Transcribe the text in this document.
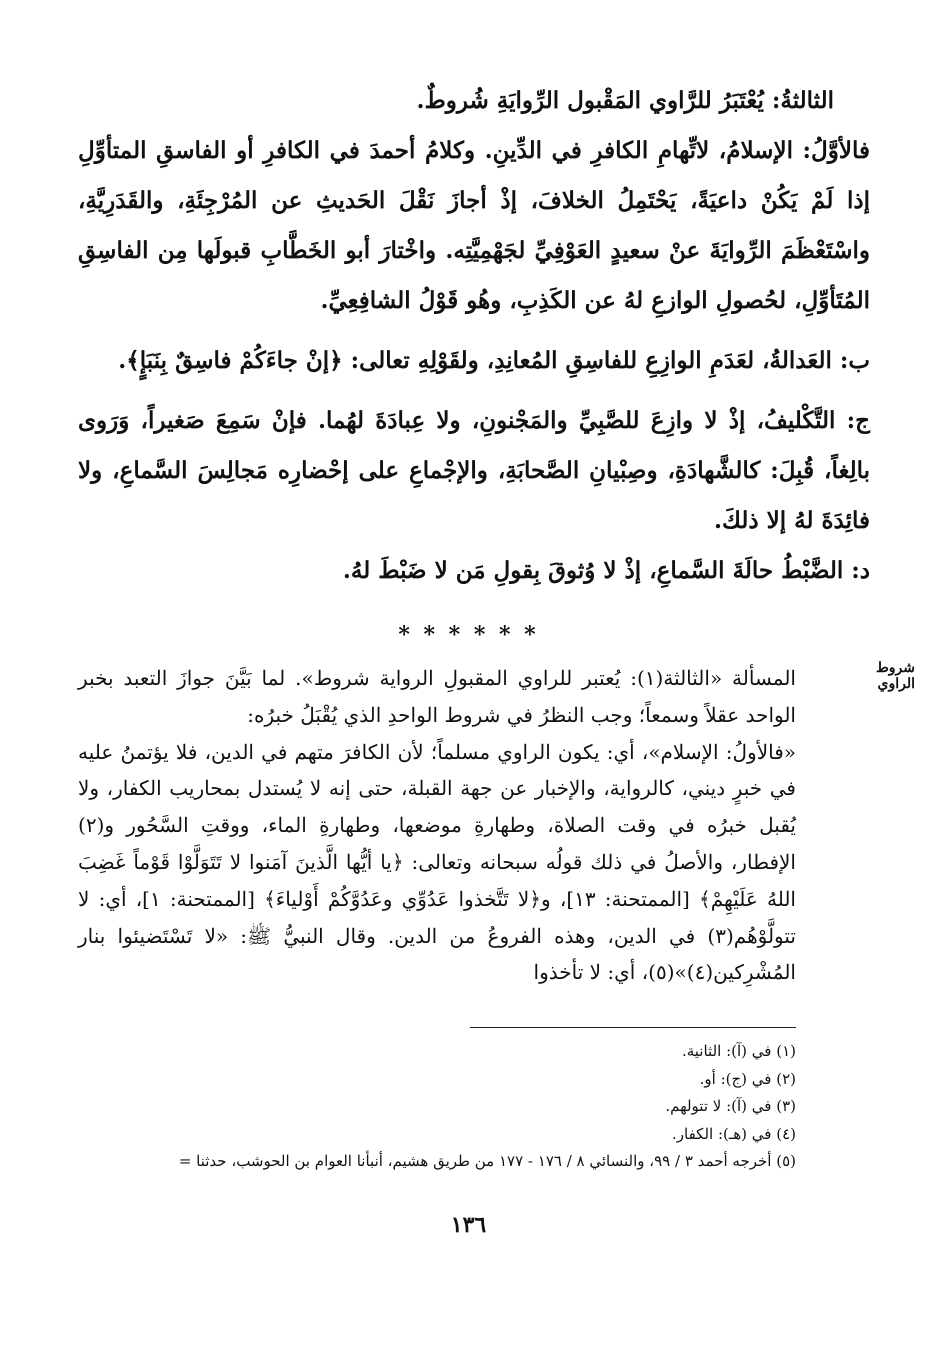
الثالثةُ: يُعْتَبَرُ للرَّاوي المَقْبول الرِّوايَةِ شُروطٌ.

فالأوَّلُ: الإسلامُ، لاتِّهامِ الكافرِ في الدِّينِ. وكلامُ أحمدَ في الكافرِ أو الفاسقِ المتأوِّلِ إذا لَمْ يَكُنْ داعيَةً، يَحْتَمِلُ الخلافَ، إذْ أجازَ نَقْلَ الحَديثِ عن المُرْجِئَةِ، والقَدَرِيَّةِ، واسْتَعْظَمَ الرِّوايَةَ عنْ سعيدٍ العَوْفِيِّ لجَهْمِيَّتِه. واخْتارَ أبو الخَطَّابِ قبولَها مِن الفاسِقِ المُتَأوِّلِ، لحُصولِ الوازعِ لهُ عن الكَذِبِ، وهُو قَوْلُ الشافِعِيِّ.

ب: العَدالةُ، لعَدَمِ الوازِعِ للفاسِقِ المُعانِدِ، ولقَوْلِهِ تعالى: ﴿إنْ جاءَكُمْ فاسِقٌ بِنَبَإٍ﴾.

ج: التَّكْليفُ، إذْ لا وازِعَ للصَّبِيِّ والمَجْنونِ، ولا عِبادَةَ لهُما. فإنْ سَمِعَ صَغيراً، وَرَوى بالِغاً، قُبِلَ: كالشَّهادَةِ، وصِبْيانِ الصَّحابَةِ، والإجْماعِ على إحْضارِه مَجالِسَ السَّماعِ، ولا فائِدَةَ لهُ إلا ذلكَ.

د: الضَّبْطُ حالَةَ السَّماعِ، إذْ لا وُثوقَ بِقولِ مَن لا ضَبْطَ لهُ.

* * * * * *
شروط الراوي

المسألة «الثالثة(١): يُعتبر للراوي المقبولِ الرواية شروط». لما بَيَّنَ جوازَ التعبد بخبر الواحد عقلاً وسمعاً؛ وجب النظرُ في شروط الواحدِ الذي يُقْبَلُ خبرُه:

«فالأولُ: الإسلام»، أي: يكون الراوي مسلماً؛ لأن الكافرَ متهم في الدين، فلا يؤتمنُ عليه في خبرٍ ديني، كالرواية، والإخبار عن جهة القبلة، حتى إنه لا يُستدل بمحاريب الكفار، ولا يُقبل خبرُه في وقت الصلاة، وطهارةِ موضعها، وطهارةِ الماء، ووقتِ السَّحُور و(٢) الإفطار، والأصلُ في ذلك قولُه سبحانه وتعالى: ﴿يا أيُّها الَّذينَ آمَنوا لا تَتَوَلَّوْا قَوْماً غَضِبَ اللهُ عَلَيْهِمْ﴾ [الممتحنة: ١٣]، و﴿لا تَتَّخذوا عَدُوِّي وعَدُوَّكُمْ أَوْلياءَ﴾ [الممتحنة: ١]، أي: لا تتولَّوْهُم(٣) في الدين، وهذه الفروعُ من الدين. وقال النبيُّ ﷺ: «لا تَسْتَضيئوا بنار المُشْرِكين(٤)»(٥)، أي: لا تأخذوا

(١) في (آ): الثانية.

(٢) في (ج): أو.

(٣) في (آ): لا تتولهم.

(٤) في (هـ): الكفار.

(٥) أخرجه أحمد ٣ / ٩٩، والنسائي ٨ / ١٧٦ - ١٧٧ من طريق هشيم، أنبأنا العوام بن الحوشب، حدثنا =

١٣٦
